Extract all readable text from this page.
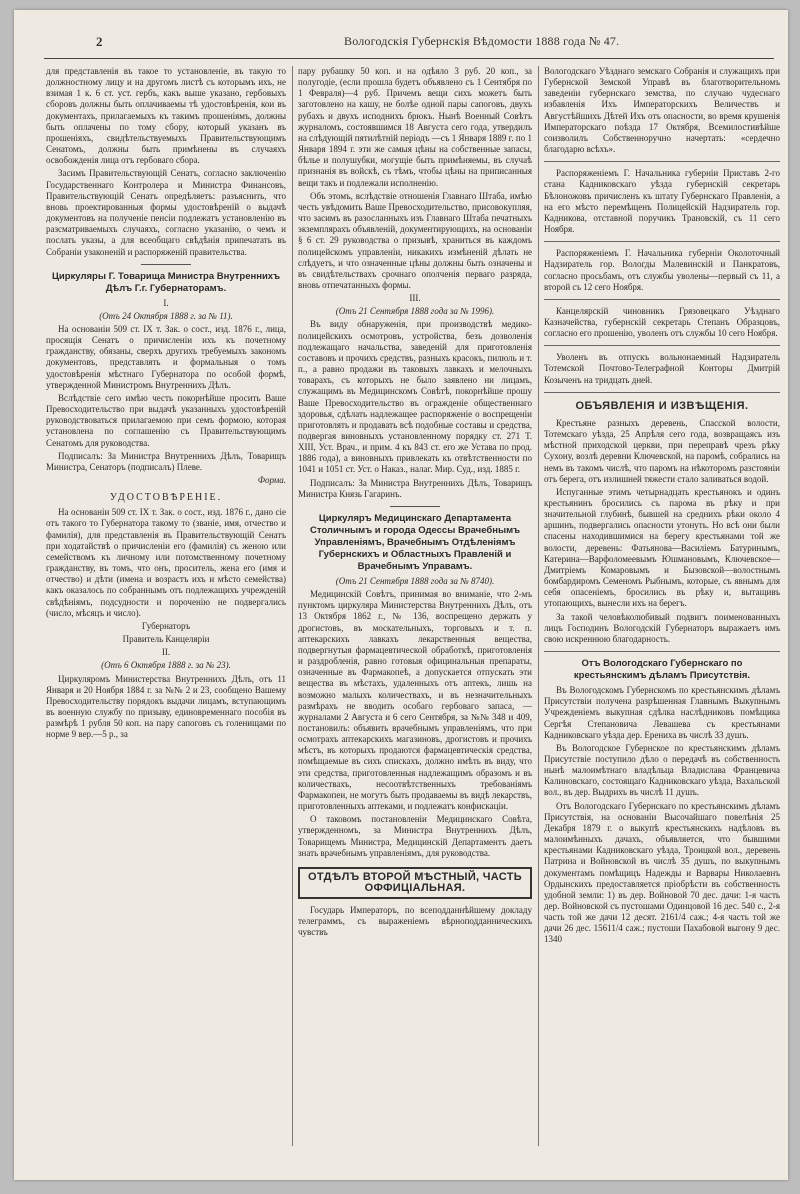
2	Вологодскія Губернскія Вѣдомости 1888 года № 47.

для представленія въ такое то установленіе, въ такую то должностному лицу и на другомъ листѣ съ которымъ ихъ, не взимая 1 к. 6 ст. уст. гербъ, какъ выше указано, гербовыхъ сборовъ должны быть оплачиваемы тѣ удостовѣренія, кои въ документахъ, прилагаемыхъ къ такимъ прошеніямъ, должны быть оплачены по тому сбору, который указанъ въ прошеніяхъ, свидѣтельствуемыхъ Правительствующимъ Сенатомъ, должны быть примѣнены въ случаяхъ освобожденія лица отъ гербоваго сбора.

Засимъ Правительствующій Сенатъ, согласно заключенію Государственнаго Контролера и Министра Финансовъ, Правительствующій Сенатъ опредѣляетъ: разъяснить, что вновь проектированныя формы удостовѣреній о выдачѣ документовъ на полученіе пенсіи подлежатъ установленію въ разсматриваемыхъ случаяхъ, согласно указанію, о чемъ и послать указы, а для всеобщаго свѣдѣнія припечатать въ Собраніи узаконеній и распоряженій правительства.

Циркуляры Г. Товарища Министра Внутреннихъ Дѣлъ Г.г. Губернаторамъ.

I.

(Отъ 24 Октября 1888 г. за № 11).

На основаніи 509 ст. IX т. Зак. о сост., изд. 1876 г., лица, просящія Сенатъ о причисленіи ихъ къ почетному гражданству, обязаны, сверхъ другихъ требуемыхъ закономъ документовъ, представлять и формальныя о томъ удостовѣренія мѣстнаго Губернатора по особой формѣ, утвержденной Министромъ Внутреннихъ Дѣлъ.

Вслѣдствіе сего имѣю честь покорнѣйше просить Ваше Превосходительство при выдачѣ указанныхъ удостовѣреній руководствоваться прилагаемою при семъ формою, которая установлена по соглашенію съ Правительствующимъ Сенатомъ для руководства.

Подписалъ: За Министра Внутреннихъ Дѣлъ, Товарищъ Министра, Сенаторъ (подписалъ) Плеве.

Форма.

УДОСТОВѢРЕНІЕ.

На основаніи 509 ст. IX т. Зак. о сост., изд. 1876 г., дано сіе отъ такого то Губернатора такому то (званіе, имя, отчество и фамилія), для представленія въ Правительствующій Сенатъ при ходатайствѣ о причисленіи его (фамилія) съ женою или семействомъ къ личному или потомственному почетному гражданству, въ томъ, что онъ, проситель, жена его (имя и отчество) и дѣти (имена и возрастъ ихъ и мѣсто семейства) какъ оказалось по собраннымъ отъ подлежащихъ учрежденій свѣдѣніямъ, подсудности и пороченію не подвергались (число, мѣсяцъ и число).

Губернаторъ

Правитель Канцеляріи

II.

(Отъ 6 Октября 1888 г. за № 23).

Циркуляромъ Министерства Внутреннихъ Дѣлъ, отъ 11 Января и 20 Ноября 1884 г. за №№ 2 и 23, сообщено Вашему Превосходительству порядокъ выдачи лицамъ, вступающимъ въ военную службу по призыву, единовременнаго пособія въ размѣрѣ 1 рубля 50 коп. на пару сапоговъ съ голенищами по норме 9 вер.—5 р., за

пару рубашку 50 коп. и на одѣяло 3 руб. 20 коп., за полугодіе, (если прошла будетъ объявлено съ 1 Сентября по 1 Февраля)—4 руб. Причемъ вещи сихъ можетъ быть заготовлено на кашу, не болѣе одной пары сапоговъ, двухъ рубахъ и двухъ исподнихъ брюкъ. Нынѣ Военный Совѣтъ журналомъ, состоявшимся 18 Августа сего года, утвердилъ на слѣдующій пятилѣтній періодъ —съ 1 Января 1889 г. по 1 Января 1894 г. эти же самыя цѣны на собственные запасы, бѣлье и полушубки, могущіе быть примѣняемы, въ случаѣ признанія въ войскѣ, съ тѣмъ, чтобы цѣны на приписанныя вещи такъ и подлежали исполненію.

Объ этомъ, вслѣдствіе отношенія Главнаго Штаба, имѣю честь увѣдомить Ваше Превосходительство, присовокупляя, что засимъ въ разосланныхъ изъ Главнаго Штаба печатныхъ экземплярахъ объявленій, документирующихъ, на основаніи § 6 ст. 29 руководства о призывѣ, храниться въ каждомъ полицейскомъ управленіи, никакихъ измѣненій дѣлать не слѣдуетъ, и что означенные цѣны должны быть означены и въ свидѣтельствахъ срочнаго ополченія перваго разряда, вновь отпечатанныхъ формы.

III.

(Отъ 21 Сентября 1888 года за № 1996).

Въ виду обнаруженія, при производствѣ медико-полицейскихъ осмотровъ, устройства, безъ дозволенія подлежащаго начальства, заведеній для приготовленія составовъ и прочихъ средствъ, разныхъ красокъ, пилюль и т. п., а равно продажи въ таковыхъ лавкахъ и мелочныхъ товарахъ, съ которыхъ не было заявлено ни лицамъ, служащимъ въ Медицинскомъ Совѣтѣ, покорнѣйше прошу Ваше Превосходительство въ огражденіе общественнаго здоровья, сдѣлать надлежащее распоряженіе о воспрещеніи приготовлять и продавать всѣ подобные составы и средства, подвергая виновныхъ установленному порядку ст. 271 Т. XIII, Уст. Врач., и прим. 4 къ 843 ст. его же Устава по прод. 1886 года), а виновныхъ привлекать къ отвѣтственности по 1041 и 1051 ст. Уст. о Наказ., налаг. Мир. Суд., изд. 1885 г.

Подписалъ: За Министра Внутреннихъ Дѣлъ, Товарищъ Министра Князь Гагаринъ.

Циркуляръ Медицинскаго Департамента Столичнымъ и города Одессы Врачебнымъ Управленіямъ, Врачебнымъ Отдѣленіямъ Губернскихъ и Областныхъ Правленій и Врачебнымъ Управамъ.

(Отъ 21 Сентября 1888 года за № 8740).

Медицинскій Совѣтъ, принимая во вниманіе, что 2-мъ пунктомъ циркуляра Министерства Внутреннихъ Дѣлъ, отъ 13 Октября 1862 г., № 136, воспрещено держать у дрогистовъ, въ москательныхъ, торговыхъ и т. п. аптекарскихъ лавкахъ лекарственныя вещества, подвергнутыя фармацевтической обработкѣ, приготовленія и раздробленія, равно готовыя официнальныя препараты, означенные въ Фармакопеѣ, а допускается отпускать эти вещества въ мѣстахъ, удаленныхъ отъ аптекъ, лишь на возможно малыхъ количествахъ, и въ незначительныхъ размѣрахъ не вводить особаго гербоваго запаса, — журналами 2 Августа и 6 сего Сентября, за №№ 348 и 409, постановилъ: объявить врачебнымъ управленіямъ, что при осмотрахъ аптекарскихъ магазиновъ, дрогистовъ и прочихъ мѣстъ, въ которыхъ продаются фармацевтическія средства, помѣщаемые въ сихъ спискахъ, должно имѣть въ виду, что эти средства, приготовленныя надлежащимъ образомъ и въ количествахъ, несоотвѣтственныхъ требованіямъ Фармакопеи, не могутъ быть продаваемы въ видѣ лекарствъ, приготовленныхъ аптеками, и подлежатъ конфискаціи.

О таковомъ постановленіи Медицинскаго Совѣта, утвержденномъ, за Министра Внутреннихъ Дѣлъ, Товарищемъ Министра, Медицинскій Департаментъ даетъ знать врачебнымъ управленіямъ, для руководства.

ОТДѢЛЪ ВТОРОЙ МѢСТНЫЙ, ЧАСТЬ ОФФИЦІАЛЬНАЯ.

Государь Императоръ, по всеподданнѣйшему докладу телеграммъ, съ выраженіемъ вѣрноподданническихъ чувствъ

Вологодскаго Уѣзднаго земскаго Собранія и служащихъ при Губернской Земской Управѣ въ благотворительномъ заведеніи губернскаго земства, по случаю чудеснаго избавленія Ихъ Императорскихъ Величествъ и Августѣйшихъ Дѣтей Ихъ отъ опасности, во время крушенія Императорскаго поѣзда 17 Октября, Всемилостивѣйше соизволилъ Собственноручно начертать: «сердечно благодарю всѣхъ».

Распоряженіемъ Г. Начальника губерніи Приставъ 2-го стана Кадниковскаго уѣзда губернскій секретарь Бѣлоножовъ причисленъ къ штату Губернскаго Правленія, а на его мѣсто перемѣщенъ Полицейскій Надзиратель гор. Кадникова, отставной поручикъ Трановскій, съ 11 сего Ноября.

Распоряженіемъ Г. Начальника губерніи Околоточный Надзиратель гор. Вологды Малевинскій и Панкратовъ, согласно просьбамъ, отъ службы уволены—первый съ 11, а второй съ 12 сего Ноября.

Канцелярскій чиновникъ Грязовецкаго Уѣзднаго Казначейства, губернскій секретарь Степанъ Образцовъ, согласно его прошенію, уволенъ отъ службы 10 сего Ноября.

Уволенъ въ отпускъ вольнонаемный Надзиратель Тотемской Почтово-Телеграфной Конторы Дмитрій Козыченъ на тридцать дней.

ОБЪЯВЛЕНІЯ И ИЗВѢЩЕНІЯ.

Крестьяне разныхъ деревень, Спасской волости, Тотемскаго уѣзда, 25 Апрѣля сего года, возвращаясь изъ мѣстной приходской церкви, при переправѣ чрезъ рѣку Сухону, возлѣ деревни Ключевской, на паромѣ, собрались на немъ въ такомъ числѣ, что паромъ на нѣкоторомъ разстояніи отъ берега, отъ излишней тяжести стало заливаться водой.

Испуганные этимъ четырнадцать крестьянокъ и одинъ крестьянинъ бросились съ парома въ рѣку и при значительной глубинѣ, бывшей на среднихъ рѣки около 4 аршинъ, подвергались опасности утонуть. Но всѣ они были спасены находившимися на берегу крестьянами той же волости, деревень: Фатьянова—Василіемъ Батуринымъ, Катерина—Варфоломеевымъ Юшмановымъ, Ключевское—Дмитріемъ Комаровымъ и Бызовской—волостнымъ бомбардиромъ Семеномъ Рыбнымъ, которые, съ явнымъ для себя опасеніемъ, бросились въ рѣку и, вытащивъ утопающихъ, вынесли ихъ на берегъ.

За такой человѣколюбивый подвигъ поименованныхъ лицъ Господинъ Вологодскій Губернаторъ выражаетъ имъ свою искреннюю благодарность.

Отъ Вологодскаго Губернскаго по крестьянскимъ дѣламъ Присутствія.

Въ Вологодскомъ Губернскомъ по крестьянскимъ дѣламъ Присутствіи получена разрѣшенная Главнымъ Выкупнымъ Учрежденіемъ выкупная сдѣлка наслѣдниковъ помѣщика Сергѣя Степановича Левашева съ крестьянами Кадниковскаго уѣзда дер. Ерениха въ числѣ 33 душъ.

Въ Вологодское Губернское по крестьянскимъ дѣламъ Присутствіе поступило дѣло о передачѣ въ собственность нынѣ малоимѣтнаго владѣльца Владислава Францевича Калиновскаго, состоящаго Кадниковскаго уѣзда, Вахальской вол., въ дер. Выдрихъ въ числѣ 11 душъ.

Отъ Вологодскаго Губернскаго по крестьянскимъ дѣламъ Присутствія, на основаніи Высочайшаго повелѣнія 25 Декабря 1879 г. о выкупѣ крестьянскихъ надѣловъ въ малоимѣнныхъ дачахъ, объявляется, что бывшими крестьянами Кадниковскаго уѣзда, Троицкой вол., деревень Патрина и Войновской въ числѣ 35 душъ, по выкупнымъ документамъ помѣщицъ Надежды и Варвары Николаевнъ Ордынскихъ предоставляется пріобрѣсти въ собственность удобной земли: 1) въ дер. Войновой 70 дес. дачи: 1-я часть дер. Войновской съ пустошами Одинцовой 16 дес. 540 с., 2-я часть той же дачи 12 десят. 2161/4 саж.; 4-я часть той же дачи 26 дес. 15611/4 саж.; пустоши Пахабовой выгону 9 дес. 1340
